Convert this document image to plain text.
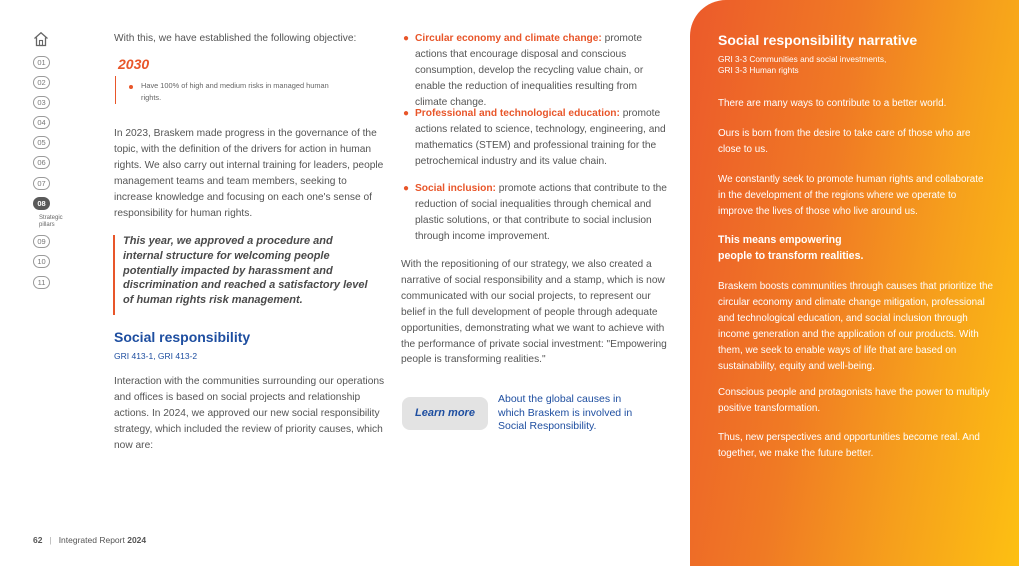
01
02
03
04
05
06
07
08
Strategic pillars
09
10
11
With this, we have established the following objective:
2030
Have 100% of high and medium risks in managed human rights.
In 2023, Braskem made progress in the governance of the topic, with the definition of the drivers for action in human rights. We also carry out internal training for leaders, people management teams and team members, seeking to increase knowledge and focusing on each one's sense of responsibility for human rights.
This year, we approved a procedure and internal structure for welcoming people potentially impacted by harassment and discrimination and reached a satisfactory level of human rights risk management.
Social responsibility
GRI 413-1, GRI 413-2
Interaction with the communities surrounding our operations and offices is based on social projects and relationship actions. In 2024, we approved our new social responsibility strategy, which included the review of priority causes, which now are:
● Circular economy and climate change: promote actions that encourage disposal and conscious consumption, develop the recycling value chain, or enable the reduction of inequalities resulting from climate change.
● Professional and technological education: promote actions related to science, technology, engineering, and mathematics (STEM) and professional training for the petrochemical industry and its value chain.
● Social inclusion: promote actions that contribute to the reduction of social inequalities through chemical and plastic solutions, or that contribute to social inclusion through income improvement.
With the repositioning of our strategy, we also created a narrative of social responsibility and a stamp, which is now communicated with our social projects, to represent our belief in the full development of people through adequate opportunities, demonstrating what we want to achieve with the performance of private social investment: "Empowering people is transforming realities."
Learn more
About the global causes in which Braskem is involved in Social Responsibility.
62 | Integrated Report 2024
Social responsibility narrative
GRI 3-3 Communities and social investments,
GRI 3-3 Human rights
There are many ways to contribute to a better world.
Ours is born from the desire to take care of those who are close to us.
We constantly seek to promote human rights and collaborate in the development of the regions where we operate to improve the lives of those who live around us.
This means empowering
people to transform realities.
Braskem boosts communities through causes that prioritize the circular economy and climate change mitigation, professional and technological education, and social inclusion through income generation and the application of our products. With them, we seek to enable ways of life that are based on sustainability, equity and well-being.
Conscious people and protagonists have the power to multiply positive transformation.
Thus, new perspectives and opportunities become real. And together, we make the future better.
